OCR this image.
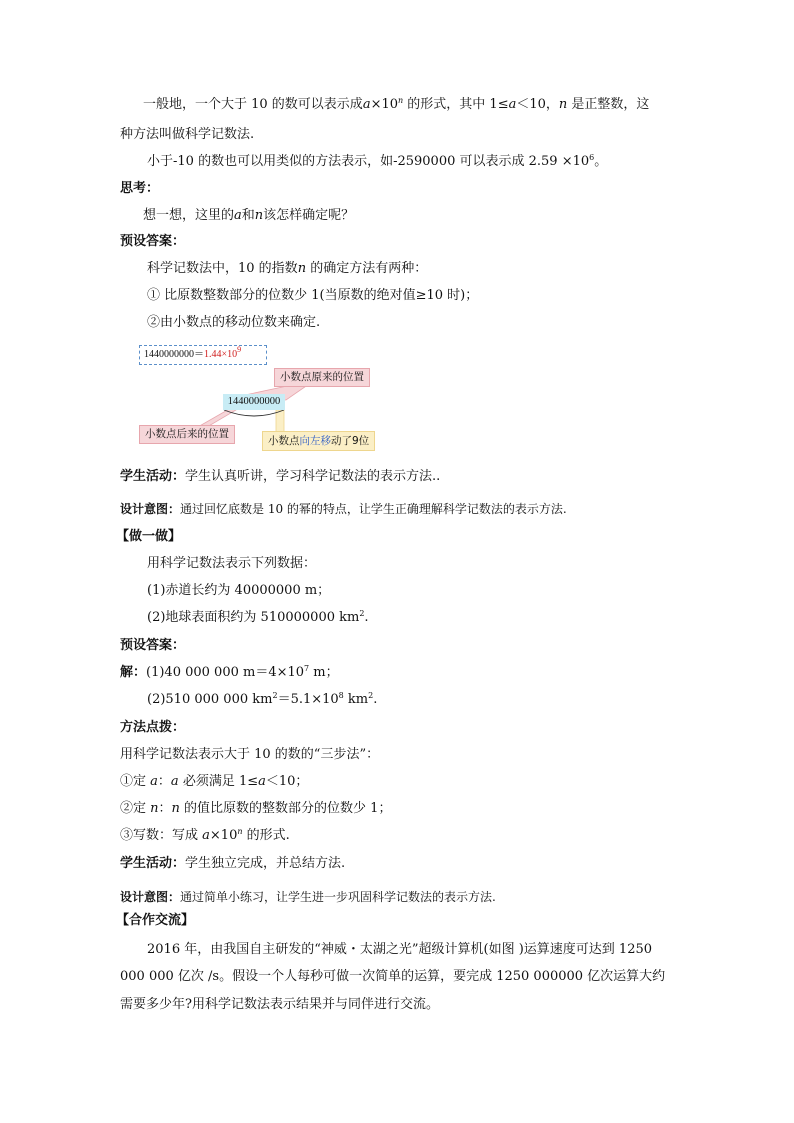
一般地，一个大于 10 的数可以表示成$a\times 10^n$ 的形式，其中 1≤a＜10，n 是正整数，这
种方法叫做科学记数法.
小于-10 的数也可以用类似的方法表示，如-2590000 可以表示成 $2.59 \times 10^6$。
思考：
想一想，这里的a和n该怎样确定呢？
预设答案：
科学记数法中，10 的指数n 的确定方法有两种：
① 比原数整数部分的位数少 1(当原数的绝对值≥10 时)；
②由小数点的移动位数来确定.
$1440000000=1.44\times 10^9$
1440000000
小数点原来的位置
小数点后来的位置
小数点向左移动了9位
学生活动：学生认真听讲，学习科学记数法的表示方法..
设计意图：通过回忆底数是 10 的幂的特点，让学生正确理解科学记数法的表示方法.
【做一做】
用科学记数法表示下列数据：
(1)赤道长约为 40000000 m；
(2)地球表面积约为 510000000 $km^2$.
预设答案：
解：(1)40 000 000 $m=4\times 10^7$ m；
(2)510 000 000 $km^2=5.1\times 10^8$ $km^2$.
方法点拨：
用科学记数法表示大于 10 的数的“三步法”：
①定 a：a 必须满足 1≤a＜10；
②定 n：n 的值比原数的整数部分的位数少 1；
③写数：写成 $a\times 10^n$ 的形式.
学生活动：学生独立完成，并总结方法.
设计意图：通过简单小练习，让学生进一步巩固科学记数法的表示方法.
【合作交流】
2016 年，由我国自主研发的“神威・太湖之光”超级计算机(如图 )运算速度可达到 1250
000 000 亿次 /s。假设一个人每秒可做一次简单的运算，要完成 1250 000000 亿次运算大约
需要多少年?用科学记数法表示结果并与同伴进行交流。
